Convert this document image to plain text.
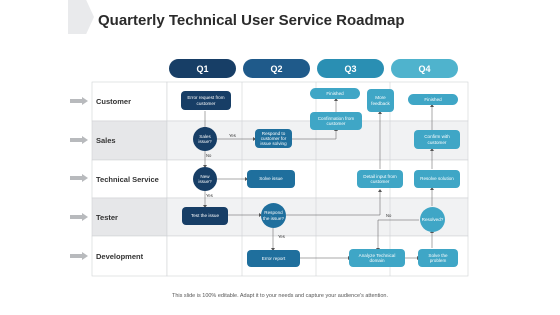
Quarterly Technical User Service Roadmap
Q1	Q2	Q3	Q4
Customer
Sales
Technical Service
Tester
Development
Error request from customer
Finished
More feedback
Finished
Confirmation from customer
Sales issue?
Respond to customer for issue solving
Confirm with customer
New issue?
Solve issue
Detail input from customer
Resolve solution
Test the issue
Respond the issue?	Resolved?
Error report
Analyze Technical domain
Solve the problem
Yes
No
Yes
Yes
No
This slide is 100% editable. Adapt it to your needs and capture your audience's attention.
